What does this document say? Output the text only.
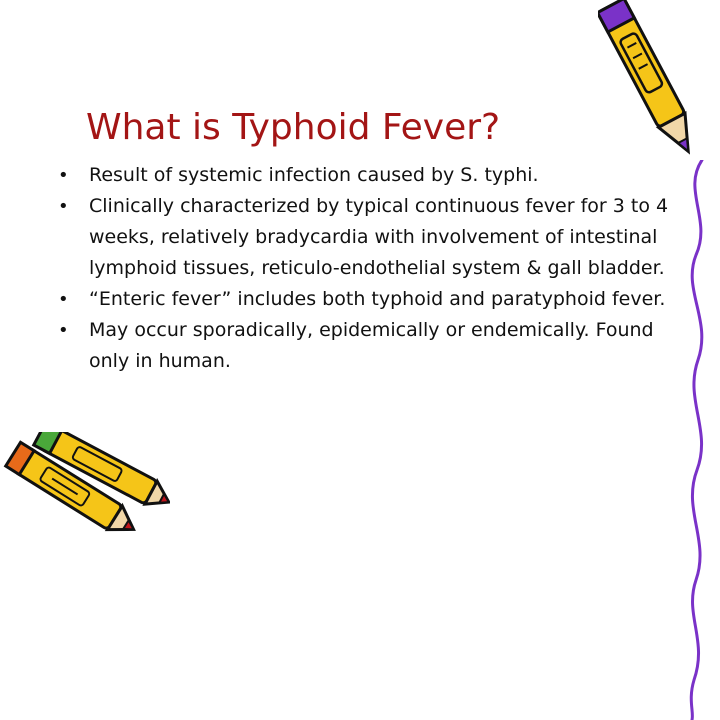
What is Typhoid Fever?
• Result of systemic infection caused by S. typhi.
• Clinically characterized by typical continuous fever for 3 to 4 weeks, relatively bradycardia with involvement of intestinal lymphoid tissues, reticulo-endothelial system & gall bladder.
• “Enteric fever” includes both typhoid and paratyphoid fever.
• May occur sporadically, epidemically or endemically. Found only in human.
